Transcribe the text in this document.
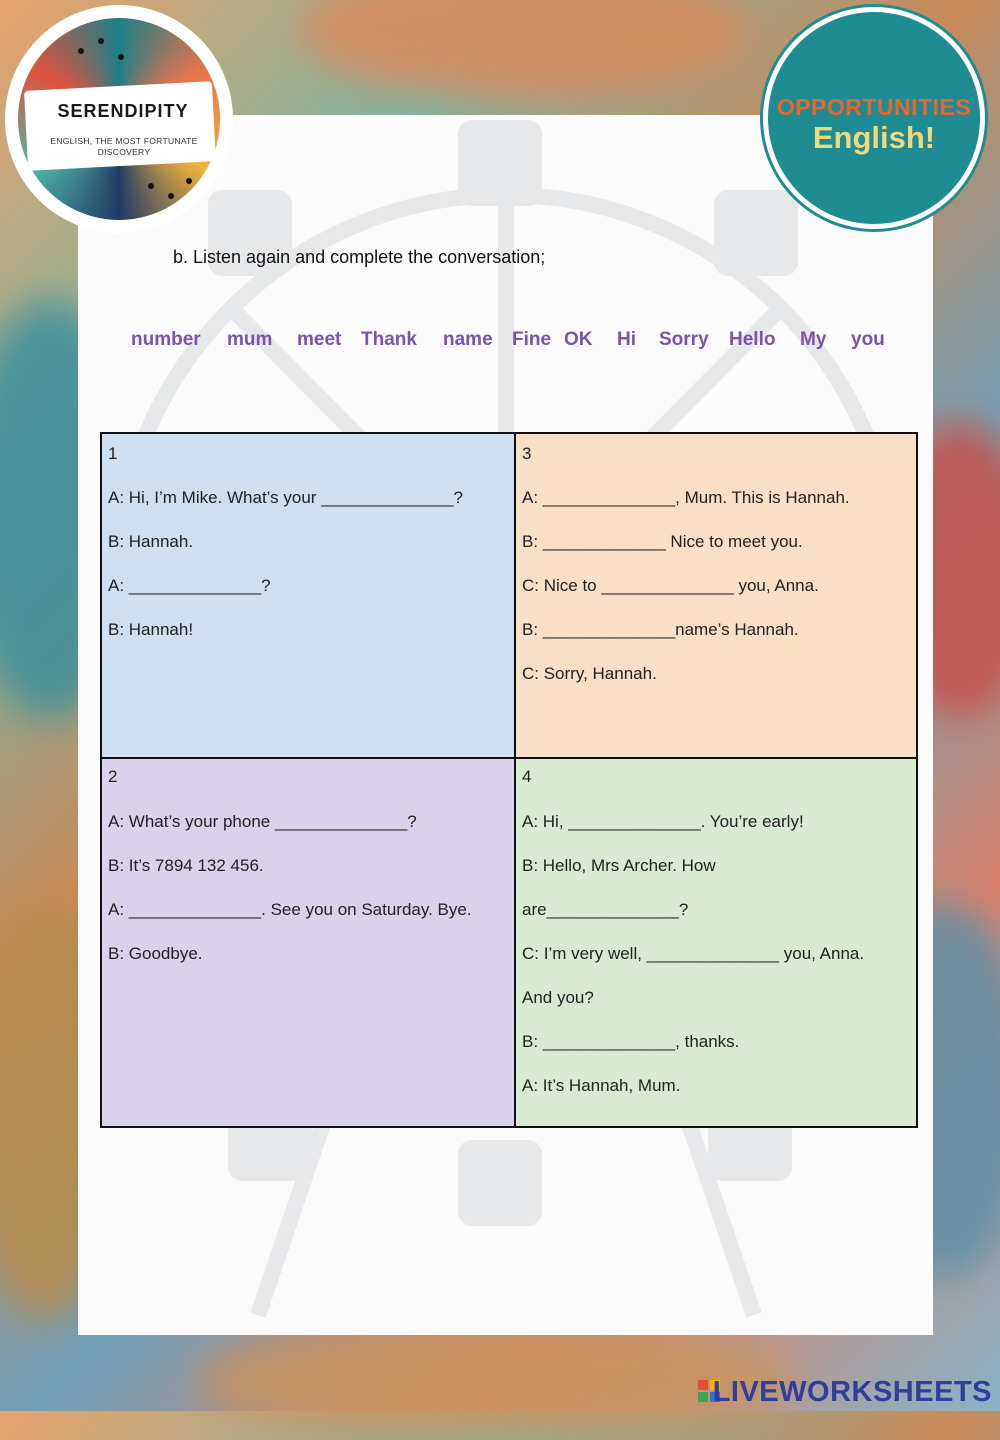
SERENDIPITY
ENGLISH, THE MOST FORTUNATE DISCOVERY
OPPORTUNITIES
English!
b. Listen again and complete the conversation;
number mum meet Thank name Fine OK Hi Sorry Hello My you
1
A: Hi, I’m Mike. What’s your ______________?
B: Hannah.
A: ______________?
B: Hannah!
3
A: ______________, Mum. This is Hannah.
B: _____________ Nice to meet you.
C: Nice to ______________ you, Anna.
B: ______________name’s Hannah.
C: Sorry, Hannah.
2
A: What’s your phone ______________?
B: It’s 7894 132 456.
A: ______________. See you on Saturday. Bye.
B: Goodbye.
4
A: Hi, ______________. You’re early!
B: Hello, Mrs Archer. How
are______________?
C: I’m very well, ______________ you, Anna.
And you?
B: ______________, thanks.
A: It’s Hannah, Mum.
LIVEWORKSHEETS
